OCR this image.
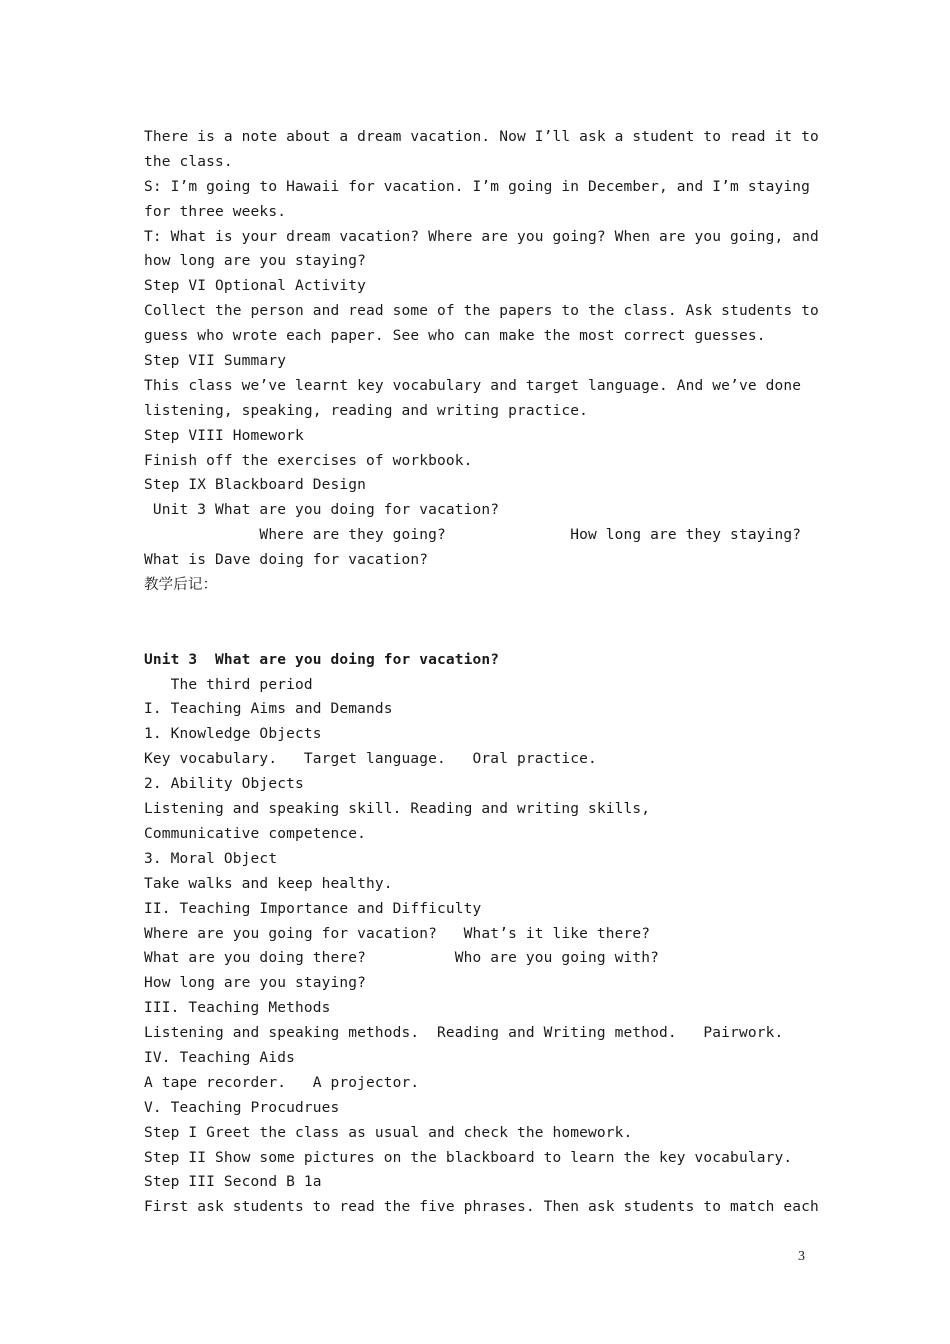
There is a note about a dream vacation. Now I’ll ask a student to read it to
the class.
S: I’m going to Hawaii for vacation. I’m going in December, and I’m staying
for three weeks.
T: What is your dream vacation? Where are you going? When are you going, and
how long are you staying?
Step VI Optional Activity
Collect the person and read some of the papers to the class. Ask students to
guess who wrote each paper. See who can make the most correct guesses.
Step VII Summary
This class we’ve learnt key vocabulary and target language. And we’ve done
listening, speaking, reading and writing practice.
Step VIII Homework
Finish off the exercises of workbook.
Step IX Blackboard Design
Unit 3 What are you doing for vacation?
Where are they going?              How long are they staying?
What is Dave doing for vacation?
教学后记：
Unit 3  What are you doing for vacation?
The third period
I. Teaching Aims and Demands
1. Knowledge Objects
Key vocabulary.   Target language.   Oral practice.
2. Ability Objects
Listening and speaking skill. Reading and writing skills,
Communicative competence.
3. Moral Object
Take walks and keep healthy.
II. Teaching Importance and Difficulty
Where are you going for vacation?   What’s it like there?
What are you doing there?          Who are you going with?
How long are you staying?
III. Teaching Methods
Listening and speaking methods.  Reading and Writing method.   Pairwork.
IV. Teaching Aids
A tape recorder.   A projector.
V. Teaching Procudrues
Step I Greet the class as usual and check the homework.
Step II Show some pictures on the blackboard to learn the key vocabulary.
Step III Second B 1a
First ask students to read the five phrases. Then ask students to match each
3
